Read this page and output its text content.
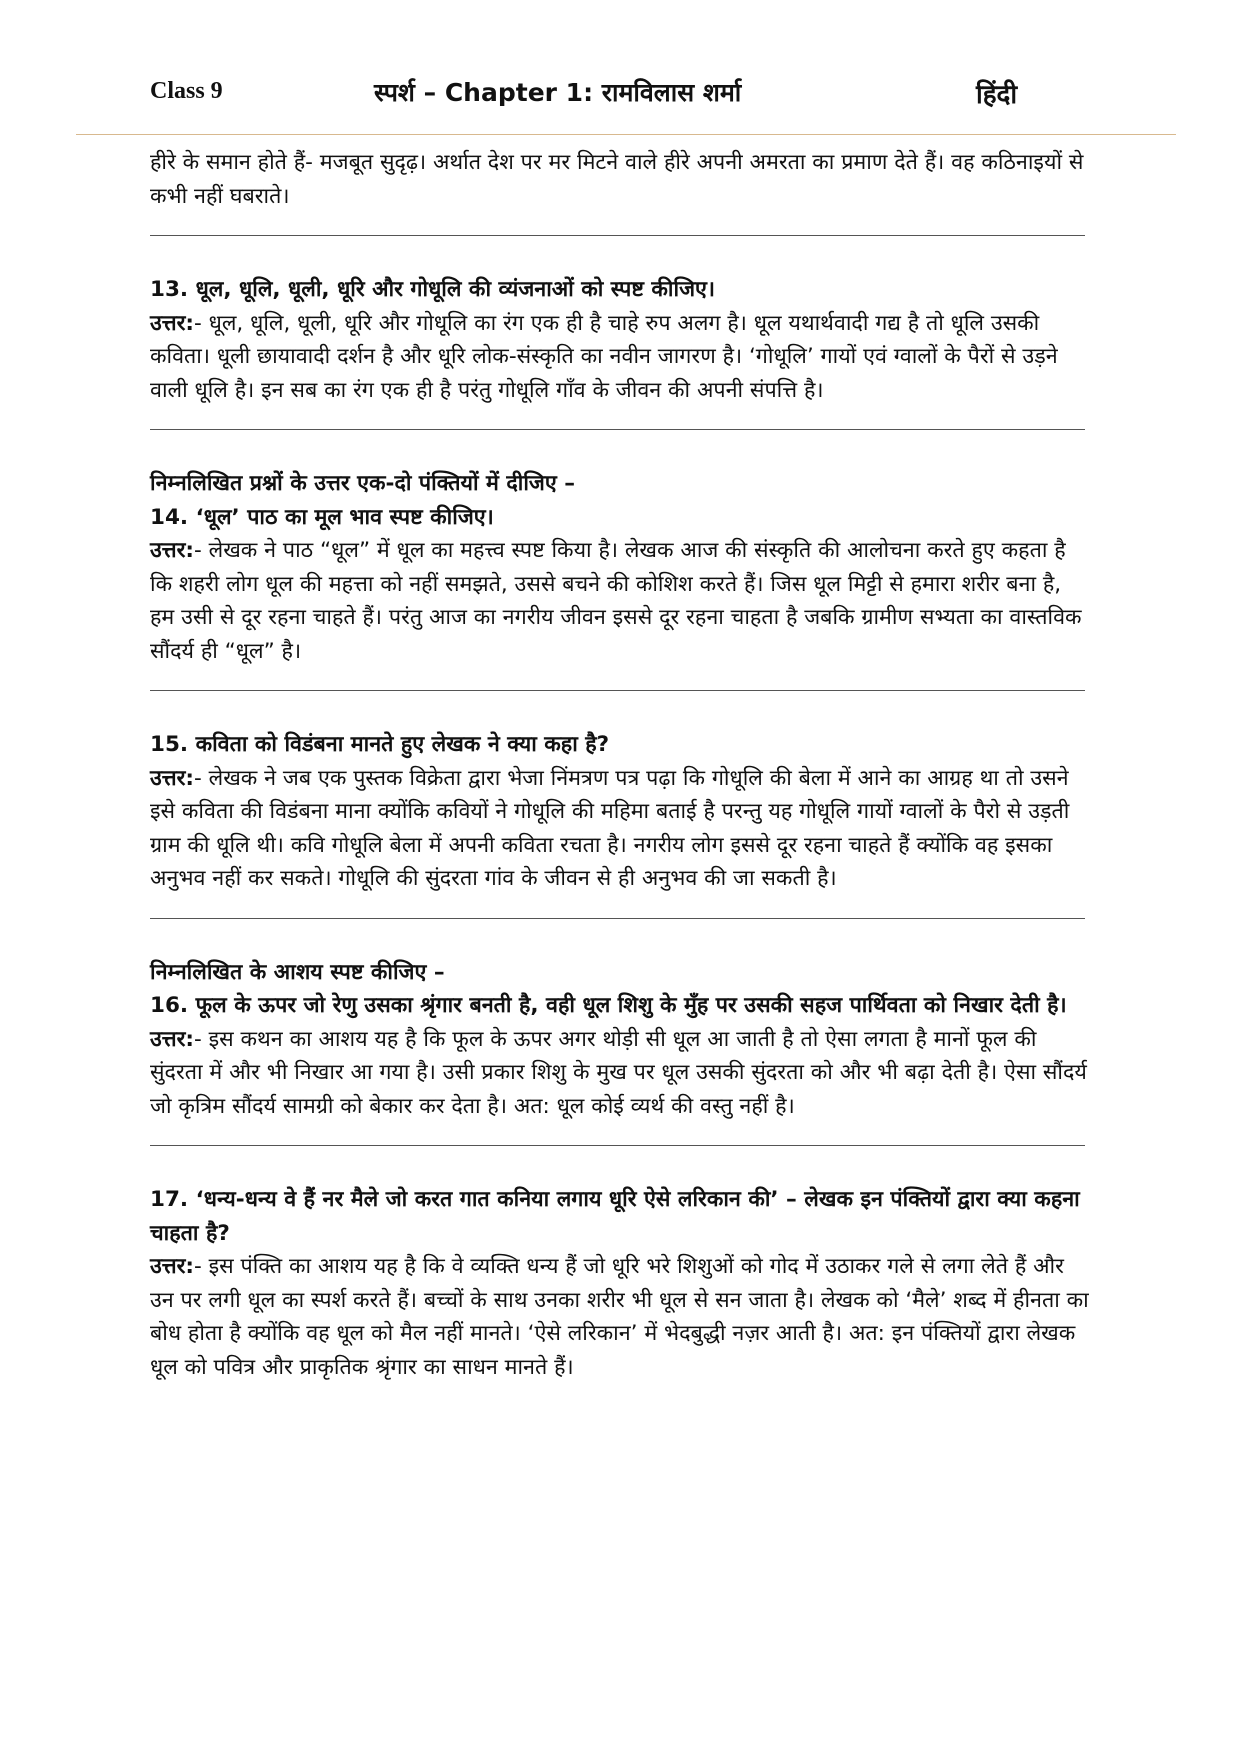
Class 9	स्पर्श – Chapter 1: रामविलास शर्मा	हिंदी

हीरे के समान होते हैं- मजबूत सुदृढ़। अर्थात देश पर मर मिटने वाले हीरे अपनी अमरता का प्रमाण देते हैं। वह कठिनाइयों से कभी नहीं घबराते।

13. धूल, धूलि, धूली, धूरि और गोधूलि की व्यंजनाओं को स्पष्ट कीजिए।

उत्तर:- धूल, धूलि, धूली, धूरि और गोधूलि का रंग एक ही है चाहे रुप अलग है। धूल यथार्थवादी गद्य है तो धूलि उसकी कविता। धूली छायावादी दर्शन है और धूरि लोक-संस्कृति का नवीन जागरण है। ‘गोधूलि’ गायों एवं ग्वालों के पैरों से उड़ने वाली धूलि है। इन सब का रंग एक ही है परंतु गोधूलि गाँव के जीवन की अपनी संपत्ति है।

निम्नलिखित प्रश्नों के उत्तर एक-दो पंक्तियों में दीजिए –

14. ‘धूल’ पाठ का मूल भाव स्पष्ट कीजिए।

उत्तर:- लेखक ने पाठ “धूल” में धूल का महत्त्व स्पष्ट किया है। लेखक आज की संस्कृति की आलोचना करते हुए कहता है कि शहरी लोग धूल की महत्ता को नहीं समझते, उससे बचने की कोशिश करते हैं। जिस धूल मिट्टी से हमारा शरीर बना है, हम उसी से दूर रहना चाहते हैं। परंतु आज का नगरीय जीवन इससे दूर रहना चाहता है जबकि ग्रामीण सभ्यता का वास्तविक सौंदर्य ही “धूल” है।

15. कविता को विडंबना मानते हुए लेखक ने क्या कहा है?

उत्तर:- लेखक ने जब एक पुस्तक विक्रेता द्वारा भेजा निंमत्रण पत्र पढ़ा कि गोधूलि की बेला में आने का आग्रह था तो उसने इसे कविता की विडंबना माना क्योंकि कवियों ने गोधूलि की महिमा बताई है परन्तु यह गोधूलि गायों ग्वालों के पैरो से उड़ती ग्राम की धूलि थी। कवि गोधूलि बेला में अपनी कविता रचता है। नगरीय लोग इससे दूर रहना चाहते हैं क्योंकि वह इसका अनुभव नहीं कर सकते। गोधूलि की सुंदरता गांव के जीवन से ही अनुभव की जा सकती है।

निम्नलिखित के आशय स्पष्ट कीजिए –

16. फूल के ऊपर जो रेणु उसका श्रृंगार बनती है, वही धूल शिशु के मुँह पर उसकी सहज पार्थिवता को निखार देती है।

उत्तर:- इस कथन का आशय यह है कि फूल के ऊपर अगर थोड़ी सी धूल आ जाती है तो ऐसा लगता है मानों फूल की सुंदरता में और भी निखार आ गया है। उसी प्रकार शिशु के मुख पर धूल उसकी सुंदरता को और भी बढ़ा देती है। ऐसा सौंदर्य जो कृत्रिम सौंदर्य सामग्री को बेकार कर देता है। अत: धूल कोई व्यर्थ की वस्तु नहीं है।

17. ‘धन्य-धन्य वे हैं नर मैले जो करत गात कनिया लगाय धूरि ऐसे लरिकान की’ – लेखक इन पंक्तियों द्वारा क्या कहना चाहता है?

उत्तर:- इस पंक्ति का आशय यह है कि वे व्यक्ति धन्य हैं जो धूरि भरे शिशुओं को गोद में उठाकर गले से लगा लेते हैं और उन पर लगी धूल का स्पर्श करते हैं। बच्चों के साथ उनका शरीर भी धूल से सन जाता है। लेखक को ‘मैले’ शब्द में हीनता का बोध होता है क्योंकि वह धूल को मैल नहीं मानते। ‘ऐसे लरिकान’ में भेदबुद्धी नज़र आती है। अत: इन पंक्तियों द्वारा लेखक धूल को पवित्र और प्राकृतिक श्रृंगार का साधन मानते हैं।
